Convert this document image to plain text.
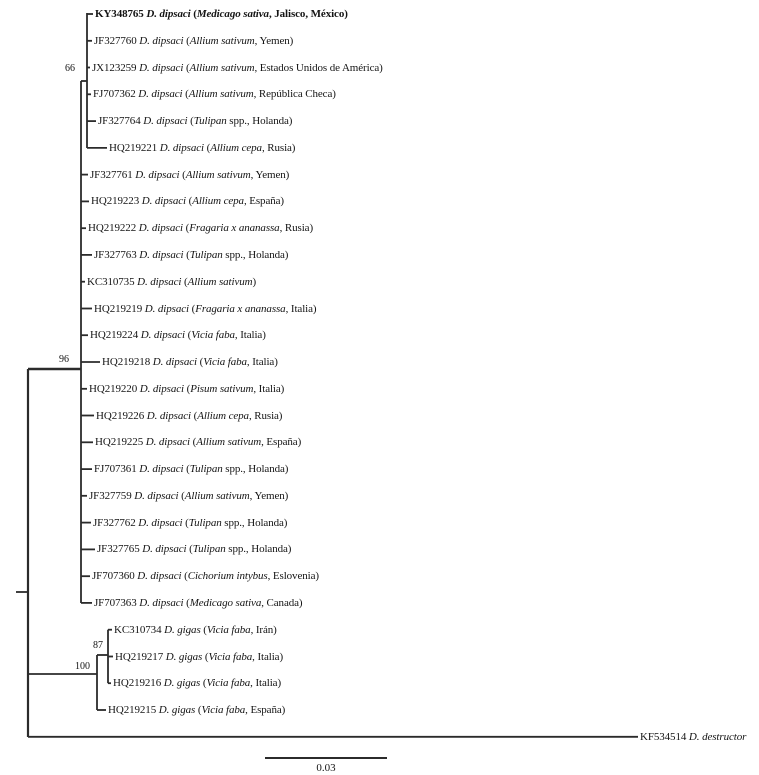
KY348765 D. dipsaci (Medicago sativa, Jalisco, México)
JF327760 D. dipsaci (Allium sativum, Yemen)
JX123259 D. dipsaci (Allium sativum, Estados Unidos de América)
FJ707362 D. dipsaci (Allium sativum, República Checa)
JF327764 D. dipsaci (Tulipan spp., Holanda)
HQ219221 D. dipsaci (Allium cepa, Rusia)
JF327761 D. dipsaci (Allium sativum, Yemen)
HQ219223 D. dipsaci (Allium cepa, España)
HQ219222 D. dipsaci (Fragaria x ananassa, Rusia)
JF327763 D. dipsaci (Tulipan spp., Holanda)
KC310735 D. dipsaci (Allium sativum)
HQ219219 D. dipsaci (Fragaria x ananassa, Italia)
HQ219224 D. dipsaci (Vicia faba, Italia)
HQ219218 D. dipsaci (Vicia faba, Italia)
HQ219220 D. dipsaci (Pisum sativum, Italia)
HQ219226 D. dipsaci (Allium cepa, Rusia)
HQ219225 D. dipsaci (Allium sativum, España)
FJ707361 D. dipsaci (Tulipan spp., Holanda)
JF327759 D. dipsaci (Allium sativum, Yemen)
JF327762 D. dipsaci (Tulipan spp., Holanda)
JF327765 D. dipsaci (Tulipan spp., Holanda)
JF707360 D. dipsaci (Cichorium intybus, Eslovenia)
JF707363 D. dipsaci (Medicago sativa, Canada)
KC310734 D. gigas (Vicia faba, Irán)
HQ219217 D. gigas (Vicia faba, Italia)
HQ219216 D. gigas (Vicia faba, Italia)
HQ219215 D. gigas (Vicia faba, España)
KF534514 D. destructor
66
96
87
100
0.03
